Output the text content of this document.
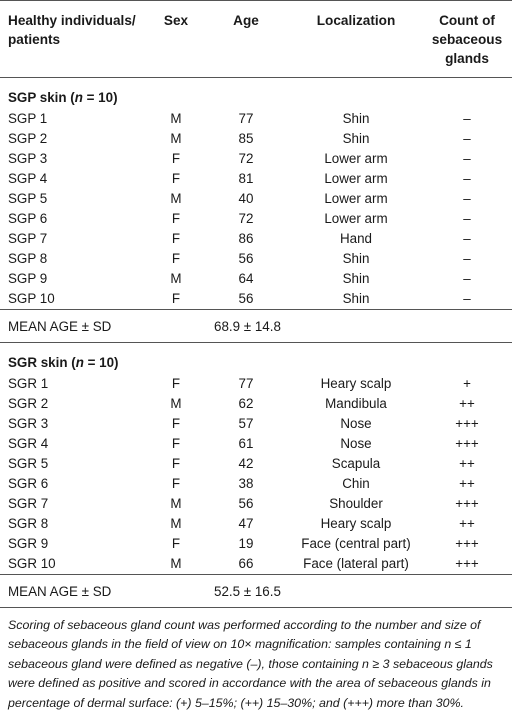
Healthy individuals/
patients	Sex	Age	Localization	Count of
sebaceous
glands
SGP skin (n = 10)				
SGP 1	M	77	Shin	–
SGP 2	M	85	Shin	–
SGP 3	F	72	Lower arm	–
SGP 4	F	81	Lower arm	–
SGP 5	M	40	Lower arm	–
SGP 6	F	72	Lower arm	–
SGP 7	F	86	Hand	–
SGP 8	F	56	Shin	–
SGP 9	M	64	Shin	–
SGP 10	F	56	Shin	–
MEAN AGE ± SD		68.9 ± 14.8		
SGR skin (n = 10)				
SGR 1	F	77	Heary scalp	+
SGR 2	M	62	Mandibula	++
SGR 3	F	57	Nose	+++
SGR 4	F	61	Nose	+++
SGR 5	F	42	Scapula	++
SGR 6	F	38	Chin	++
SGR 7	M	56	Shoulder	+++
SGR 8	M	47	Heary scalp	++
SGR 9	F	19	Face (central part)	+++
SGR 10	M	66	Face (lateral part)	+++
MEAN AGE ± SD		52.5 ± 16.5		
Scoring of sebaceous gland count was performed according to the number and size of sebaceous glands in the field of view on 10× magnification: samples containing n ≤ 1 sebaceous gland were defined as negative (–), those containing n ≥ 3 sebaceous glands were defined as positive and scored in accordance with the area of sebaceous glands in percentage of dermal surface: (+) 5–15%; (++) 15–30%; and (+++) more than 30%.
